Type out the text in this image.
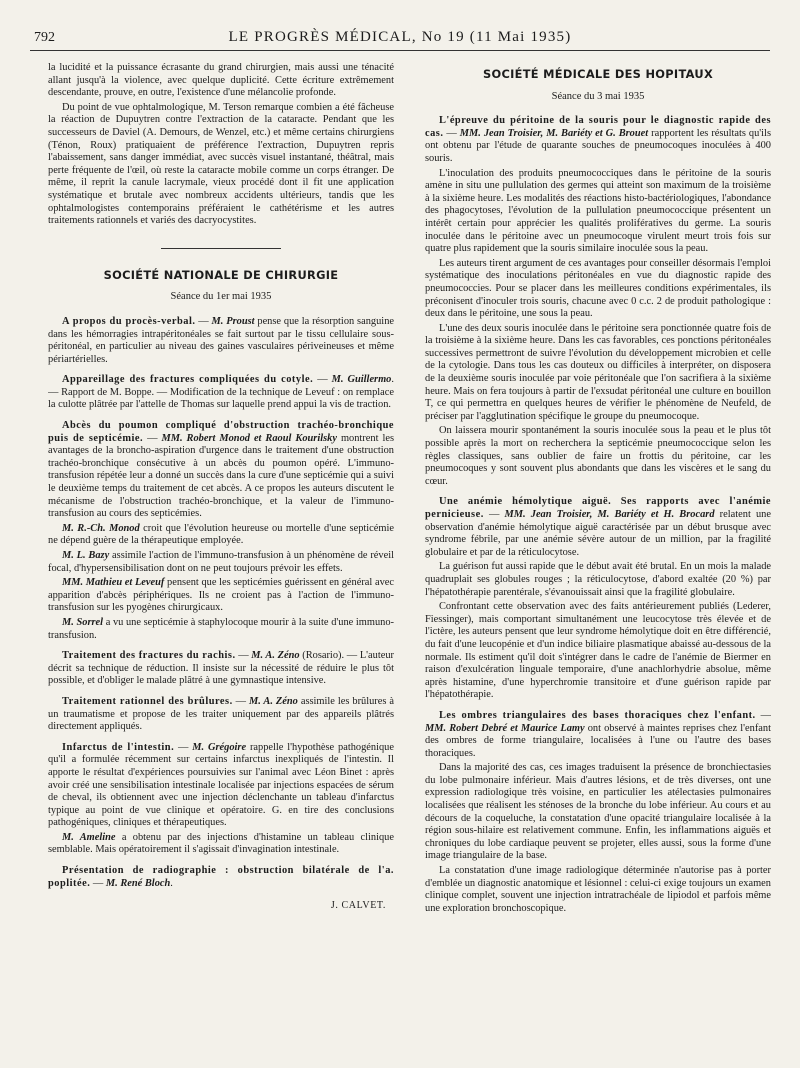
792	LE PROGRÈS MÉDICAL, No 19 (11 Mai 1935)

la lucidité et la puissance écrasante du grand chirurgien, mais aussi une ténacité allant jusqu'à la violence, avec quelque duplicité. Cette écriture extrêmement descendante, prouve, en outre, l'existence d'une mélancolie profonde.

Du point de vue ophtalmologique, M. Terson remarque combien a été fâcheuse la réaction de Dupuytren contre l'extraction de la cataracte. Pendant que les successeurs de Daviel (A. Demours, de Wenzel, etc.) et même certains chirurgiens (Ténon, Roux) pratiquaient de préférence l'extraction, Dupuytren repris l'abaissement, sans danger immédiat, avec succès visuel instantané, théâtral, mais perte fréquente de l'œil, où reste la cataracte mobile comme un corps étranger. De même, il reprit la canule lacrymale, vieux procédé dont il fit une application systématique et brutale avec nombreux accidents ultérieurs, tandis que les ophtalmologistes contemporains préféraient le cathétérisme et les autres traitements rationnels et variés des dacryocystites.

SOCIÉTÉ NATIONALE DE CHIRURGIE
Séance du 1er mai 1935

A propos du procès-verbal. — M. Proust pense que la résorption sanguine dans les hémorragies intrapéritonéales se fait surtout par le tissu cellulaire sous-péritonéal, en particulier au niveau des gaines vasculaires périveineuses et même périartérielles.

Appareillage des fractures compliquées du cotyle. — M. Guillermo. — Rapport de M. Boppe. — Modification de la technique de Leveuf : on remplace la culotte plâtrée par l'attelle de Thomas sur laquelle prend appui la vis de traction.

Abcès du poumon compliqué d'obstruction trachéo-bronchique puis de septicémie. — MM. Robert Monod et Raoul Kourilsky montrent les avantages de la broncho-aspiration d'urgence dans le traitement d'une obstruction trachéo-bronchique consécutive à un abcès du poumon opéré. L'immuno-transfusion répétée leur a donné un succès dans la cure d'une septicémie qui a suivi le deuxième temps du traitement de cet abcès. A ce propos les auteurs discutent le mécanisme de l'obstruction trachéo-bronchique, et la valeur de l'immuno-transfusion au cours des septicémies.

M. R.-Ch. Monod croit que l'évolution heureuse ou mortelle d'une septicémie ne dépend guère de la thérapeutique employée.

M. L. Bazy assimile l'action de l'immuno-transfusion à un phénomène de réveil focal, d'hypersensibilisation dont on ne peut toujours prévoir les effets.

MM. Mathieu et Leveuf pensent que les septicémies guérissent en général avec apparition d'abcès périphériques. Ils ne croient pas à l'action de l'immuno-transfusion sur les pyogènes chirurgicaux.

M. Sorrel a vu une septicémie à staphylocoque mourir à la suite d'une immuno-transfusion.

Traitement des fractures du rachis. — M. A. Zéno (Rosario). — L'auteur décrit sa technique de réduction. Il insiste sur la nécessité de réduire le plus tôt possible, et d'obliger le malade plâtré à une gymnastique intensive.

Traitement rationnel des brûlures. — M. A. Zéno assimile les brûlures à un traumatisme et propose de les traiter uniquement par des appareils plâtrés directement appliqués.

Infarctus de l'intestin. — M. Grégoire rappelle l'hypothèse pathogénique qu'il a formulée récemment sur certains infarctus inexpliqués de l'intestin. Il apporte le résultat d'expériences poursuivies sur l'animal avec Léon Binet : après avoir créé une sensibilisation intestinale localisée par injections espacées de sérum de cheval, ils obtiennent avec une injection déclenchante un tableau d'infarctus typique au point de vue clinique et opératoire. G. en tire des conclusions pathogéniques, cliniques et thérapeutiques.

M. Ameline a obtenu par des injections d'histamine un tableau clinique semblable. Mais opératoirement il s'agissait d'invagination intestinale.

Présentation de radiographie : obstruction bilatérale de l'a. poplitée. — M. René Bloch.

J. CALVET.
SOCIÉTÉ MÉDICALE DES HOPITAUX
Séance du 3 mai 1935

L'épreuve du péritoine de la souris pour le diagnostic rapide des cas. — MM. Jean Troisier, M. Bariéty et G. Brouet rapportent les résultats qu'ils ont obtenu par l'étude de quarante souches de pneumocoques inoculées à 400 souris.

L'inoculation des produits pneumococciques dans le péritoine de la souris amène in situ une pullulation des germes qui atteint son maximum de la troisième à la sixième heure. Les modalités des réactions histo-bactériologiques, l'abondance des phagocytoses, l'évolution de la pullulation pneumococcique présentent un intérêt certain pour apprécier les qualités prolifératives du germe. La souris inoculée dans le péritoine avec un pneumocoque virulent meurt trois fois sur quatre plus rapidement que la souris similaire inoculée sous la peau.

Les auteurs tirent argument de ces avantages pour conseiller désormais l'emploi systématique des inoculations péritonéales en vue du diagnostic rapide des pneumococcies. Pour se placer dans les meilleures conditions expérimentales, ils préconisent d'inoculer trois souris, chacune avec 0 c.c. 2 de produit pathologique : deux dans le péritoine, une sous la peau.

L'une des deux souris inoculée dans le péritoine sera ponctionnée quatre fois de la troisième à la sixième heure. Dans les cas favorables, ces ponctions péritonéales successives permettront de suivre l'évolution du développement microbien et celle de la cytologie. Dans tous les cas douteux ou difficiles à interpréter, on disposera de la deuxième souris inoculée par voie péritonéale que l'on sacrifiera à la sixième heure. Mais on fera toujours à partir de l'exsudat péritonéal une culture en bouillon T, ce qui permettra en quelques heures de vérifier le phénomène de Neufeld, de préciser par l'agglutination spécifique le groupe du pneumocoque.

On laissera mourir spontanément la souris inoculée sous la peau et le plus tôt possible après la mort on recherchera la septicémie pneumococcique selon les règles classiques, sans oublier de faire un frottis du péritoine, car les pneumocoques y sont souvent plus abondants que dans les viscères et le sang du cœur.

Une anémie hémolytique aiguë. Ses rapports avec l'anémie pernicieuse. — MM. Jean Troisier, M. Bariéty et H. Brocard relatent une observation d'anémie hémolytique aiguë caractérisée par un début brusque avec syndrome fébrile, par une anémie sévère autour de un million, par la fragilité globulaire et par de la réticulocytose.

La guérison fut aussi rapide que le début avait été brutal. En un mois la malade quadruplait ses globules rouges ; la réticulocytose, d'abord exaltée (20 %) par l'hépatothérapie parentérale, s'évanouissait ainsi que la fragilité globulaire.

Confrontant cette observation avec des faits antérieurement publiés (Lederer, Fiessinger), mais comportant simultanément une leucocytose très élevée et de l'ictère, les auteurs pensent que leur syndrome hémolytique doit en être différencié, du fait d'une leucopénie et d'un indice biliaire plasmatique abaissé au-dessous de la normale. Ils estiment qu'il doit s'intégrer dans le cadre de l'anémie de Biermer en raison d'exulcération linguale temporaire, d'une anachlorhydrie absolue, même après histamine, d'une hyperchromie transitoire et d'une guérison rapide par l'hépatothérapie.

Les ombres triangulaires des bases thoraciques chez l'enfant. — MM. Robert Debré et Maurice Lamy ont observé à maintes reprises chez l'enfant des ombres de forme triangulaire, localisées à l'une ou l'autre des bases thoraciques.

Dans la majorité des cas, ces images traduisent la présence de bronchiectasies du lobe pulmonaire inférieur. Mais d'autres lésions, et de très diverses, ont une expression radiologique très voisine, en particulier les atélectasies pulmonaires localisées que réalisent les sténoses de la bronche du lobe inférieur. Au cours et au décours de la coqueluche, la constatation d'une opacité triangulaire localisée à la région sous-hilaire est relativement commune. Enfin, les inflammations aiguës et chroniques du lobe cardiaque peuvent se projeter, elles aussi, sous la forme d'une image triangulaire de la base.

La constatation d'une image radiologique déterminée n'autorise pas à porter d'emblée un diagnostic anatomique et lésionnel : celui-ci exige toujours un examen clinique complet, souvent une injection intratrachéale de lipiodol et parfois même une exploration bronchoscopique.
